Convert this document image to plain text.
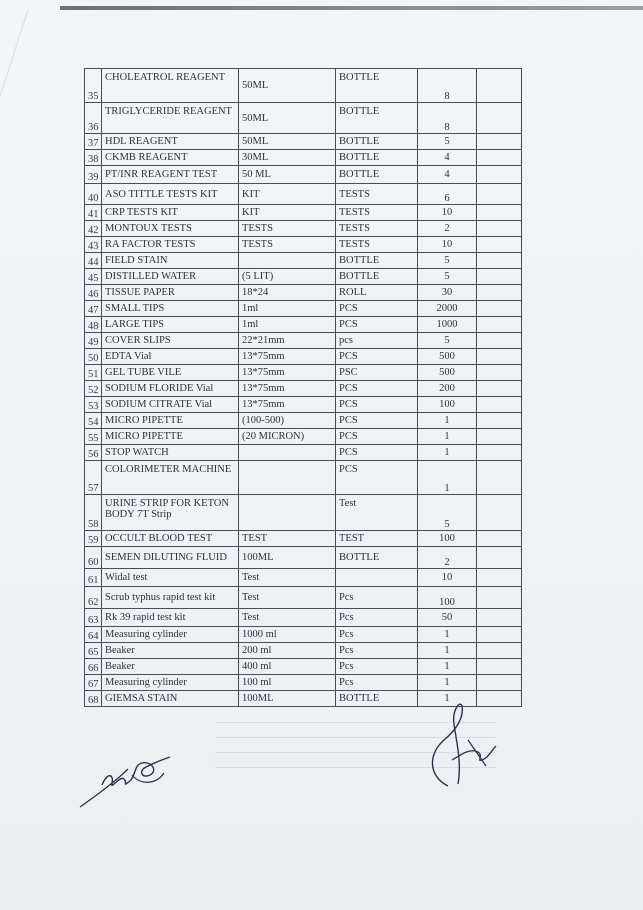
35	CHOLEATROL REAGENT	50ML	BOTTLE	8	
36	TRIGLYCERIDE REAGENT	50ML	BOTTLE	8	
37	HDL REAGENT	50ML	BOTTLE	5	
38	CKMB REAGENT	30ML	BOTTLE	4	
39	PT/INR REAGENT TEST	50 ML	BOTTLE	4	
40	ASO TITTLE TESTS KIT	KIT	TESTS	6	
41	CRP TESTS KIT	KIT	TESTS	10	
42	MONTOUX TESTS	TESTS	TESTS	2	
43	RA FACTOR TESTS	TESTS	TESTS	10	
44	FIELD STAIN		BOTTLE	5	
45	DISTILLED WATER	(5 LIT)	BOTTLE	5	
46	TISSUE PAPER	18*24	ROLL	30	
47	SMALL TIPS	1ml	PCS	2000	
48	LARGE TIPS	1ml	PCS	1000	
49	COVER SLIPS	22*21mm	pcs	5	
50	EDTA Vial	13*75mm	PCS	500	
51	GEL TUBE VILE	13*75mm	PSC	500	
52	SODIUM FLORIDE Vial	13*75mm	PCS	200	
53	SODIUM CITRATE Vial	13*75mm	PCS	100	
54	MICRO PIPETTE	(100-500)	PCS	1	
55	MICRO PIPETTE	(20 MICRON)	PCS	1	
56	STOP WATCH		PCS	1	
57	COLORIMETER MACHINE		PCS	1	
58	URINE STRIP FOR KETON BODY 7T Strip		Test	5	
59	OCCULT BLOOD TEST	TEST	TEST	100	
60	SEMEN DILUTING FLUID	100ML	BOTTLE	2	
61	Widal test	Test		10	
62	Scrub typhus rapid test kit	Test	Pcs	100	
63	Rk 39 rapid test kit	Test	Pcs	50	
64	Measuring cylinder	1000 ml	Pcs	1	
65	Beaker	200 ml	Pcs	1	
66	Beaker	400 ml	Pcs	1	
67	Measuring cylinder	100 ml	Pcs	1	
68	GIEMSA STAIN	100ML	BOTTLE	1	
